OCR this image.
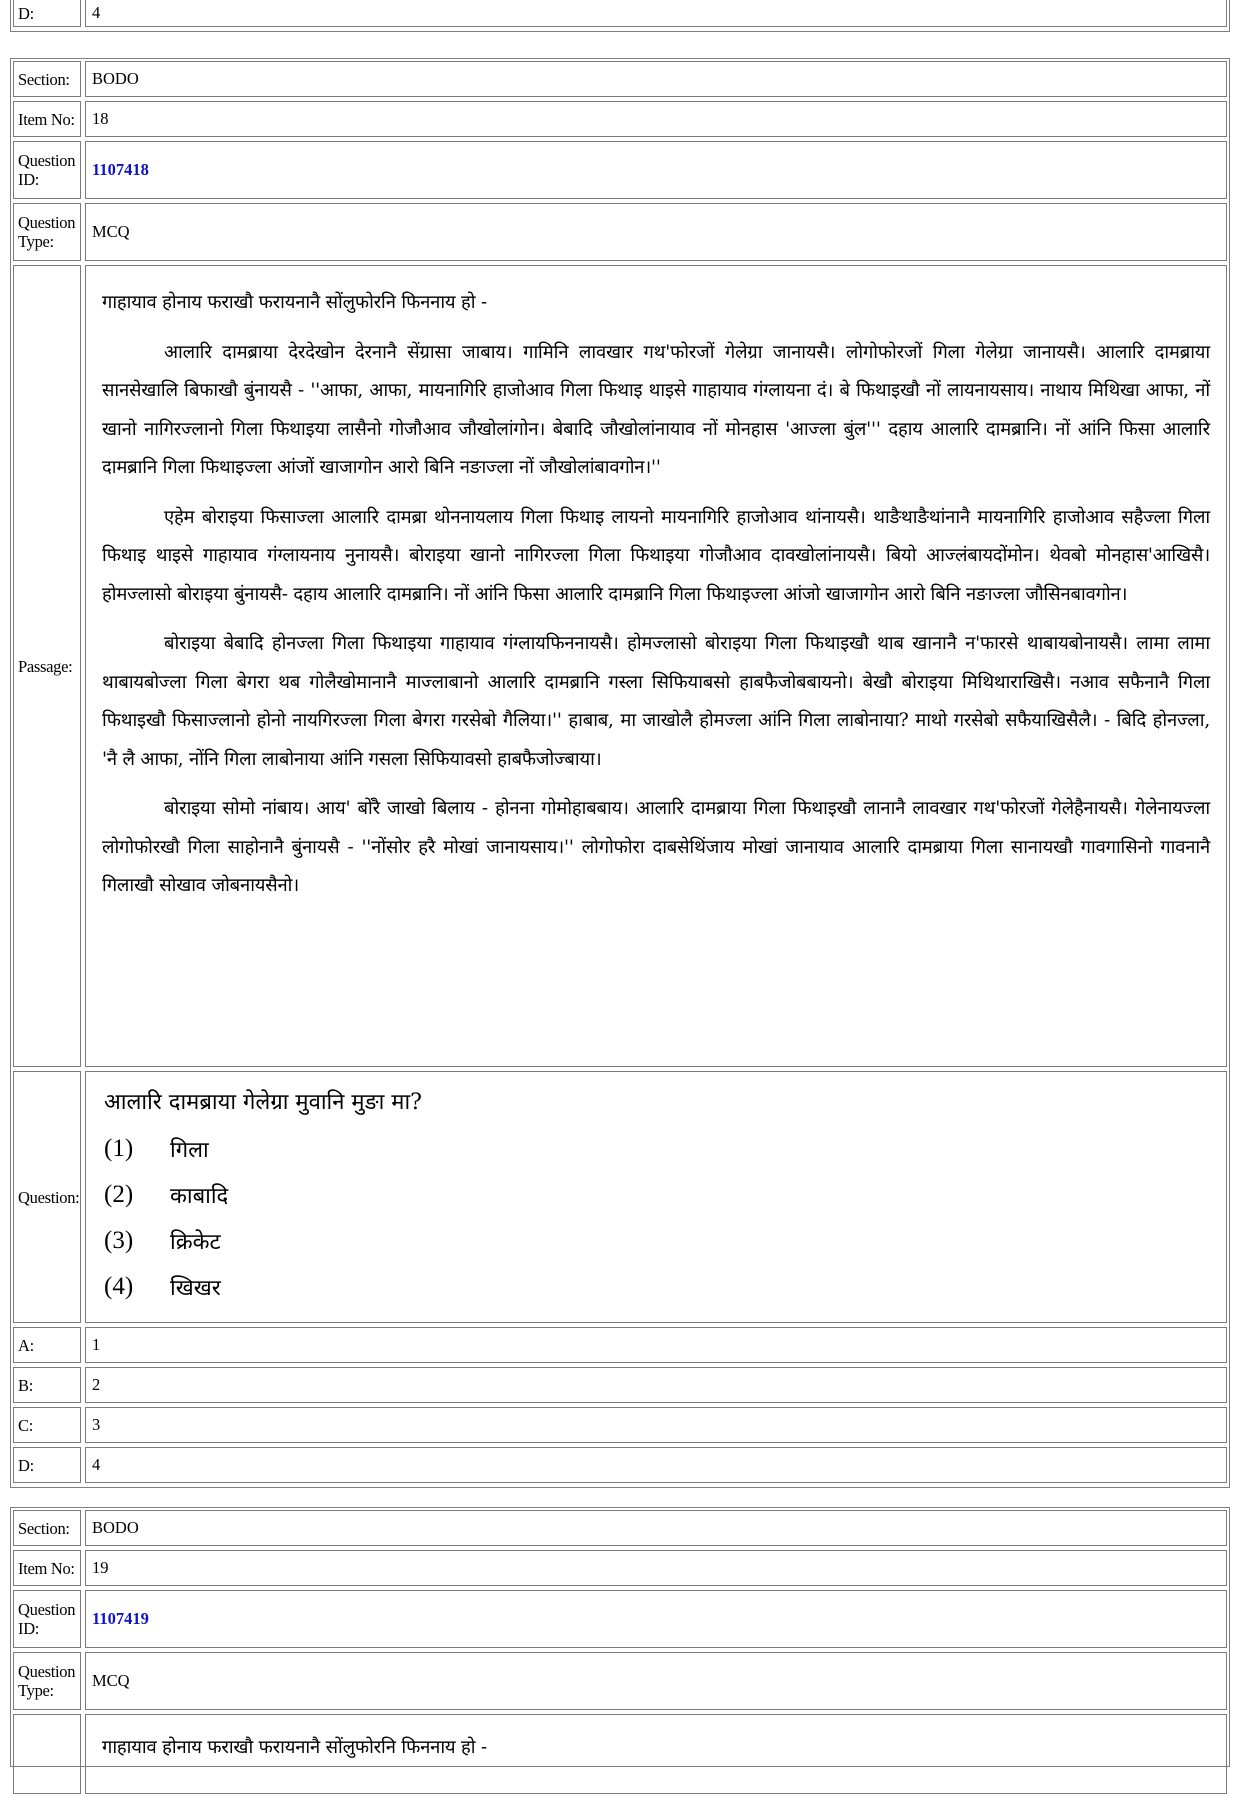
D:	4
Section:	BODO
Item No:	18
Question ID:
1107418
Question Type:
MCQ
Passage:

गाहायाव होनाय फराखौ फरायनानै सोंलुफोरनि फिननाय हो -

आलारि दामब्राया देरदेखोन देरनानै सेंग्रासा जाबाय। गामिनि लावखार गथ'फोरजों गेलेग्रा जानायसै। लोगोफोरजों गिला गेलेग्रा जानायसै। आलारि दामब्राया सानसेखालि बिफाखौ बुंनायसै - ''आफा, आफा, मायनागिरि हाजोआव गिला फिथाइ थाइसे गाहायाव गंग्लायना दं। बे फिथाइखौ नों लायनायसाय। नाथाय मिथिखा आफा, नों खानो नागिरज्लानो गिला फिथाइया लासैनो गोजौआव जौखोलांगोन। बेबादि जौखोलांनायाव नों मोनहास 'आज्ला बुंल''' दहाय आलारि दामब्रानि। नों आंनि फिसा आलारि दामब्रानि गिला फिथाइज्ला आंजों खाजागोन आरो बिनि नङाज्ला नों जौखोलांबावगोन।''

एहेम बोराइया फिसाज्ला आलारि दामब्रा थोननायलाय गिला फिथाइ लायनो मायनागिरि हाजोआव थांनायसै। थाङैथाङैथांनानै मायनागिरि हाजोआव सहैज्ला गिला फिथाइ थाइसे गाहायाव गंग्लायनाय नुनायसै। बोराइया खानो नागिरज्ला गिला फिथाइया गोजौआव दावखोलांनायसै। बियो आज्लंबायदोंमोन। थेवबो मोनहास'आखिसै। होमज्लासो बोराइया बुंनायसै- दहाय आलारि दामब्रानि। नों आंनि फिसा आलारि दामब्रानि गिला फिथाइज्ला आंजो खाजागोन आरो बिनि नङाज्ला जौसिनबावगोन।

बोराइया बेबादि होनज्ला गिला फिथाइया गाहायाव गंग्लायफिननायसै। होमज्लासो बोराइया गिला फिथाइखौ थाब खानानै न'फारसे थाबायबोनायसै। लामा लामा थाबायबोज्ला गिला बेगरा थब गोलैखोमानानै माज्लाबानो आलारि दामब्रानि गस्ला सिफियाबसो हाबफैजोबबायनो। बेखौ बोराइया मिथिथाराखिसै। नआव सफैनानै गिला फिथाइखौ फिसाज्लानो होनो नायगिरज्ला गिला बेगरा गरसेबो गैलिया।'' हाबाब, मा जाखोलै होमज्ला आंनि गिला लाबोनाया? माथो गरसेबो सफैयाखिसैलै। - बिदि होनज्ला, 'नै लै आफा, नोंनि गिला लाबोनाया आंनि गसला सिफियावसो हाबफैजोज्बाया।

बोराइया सोमो नांबाय। आय' बोंरै जाखो बिलाय - होनना गोमोहाबबाय। आलारि दामब्राया गिला फिथाइखौ लानानै लावखार गथ'फोरजों गेलेहैनायसै। गेलेनायज्ला लोगोफोरखौ गिला साहोनानै बुंनायसै - ''नोंसोर हरै मोखां जानायसाय।'' लोगोफोरा दाबसेथिंजाय मोखां जानायाव आलारि दामब्राया गिला सानायखौ गावगासिनो गावनानै गिलाखौ सोखाव जोबनायसैनो।

Question:
आलारि दामब्राया गेलेग्रा मुवानि मुङा मा?
(1)	गिला
(2)	काबादि
(3)	क्रिकेट
(4)	खिखर
A:	1
B:	2
C:	3
D:	4
Section:	BODO
Item No:	19
Question ID:
1107419
Question Type:
MCQ

गाहायाव होनाय फराखौ फरायनानै सोंलुफोरनि फिननाय हो -
